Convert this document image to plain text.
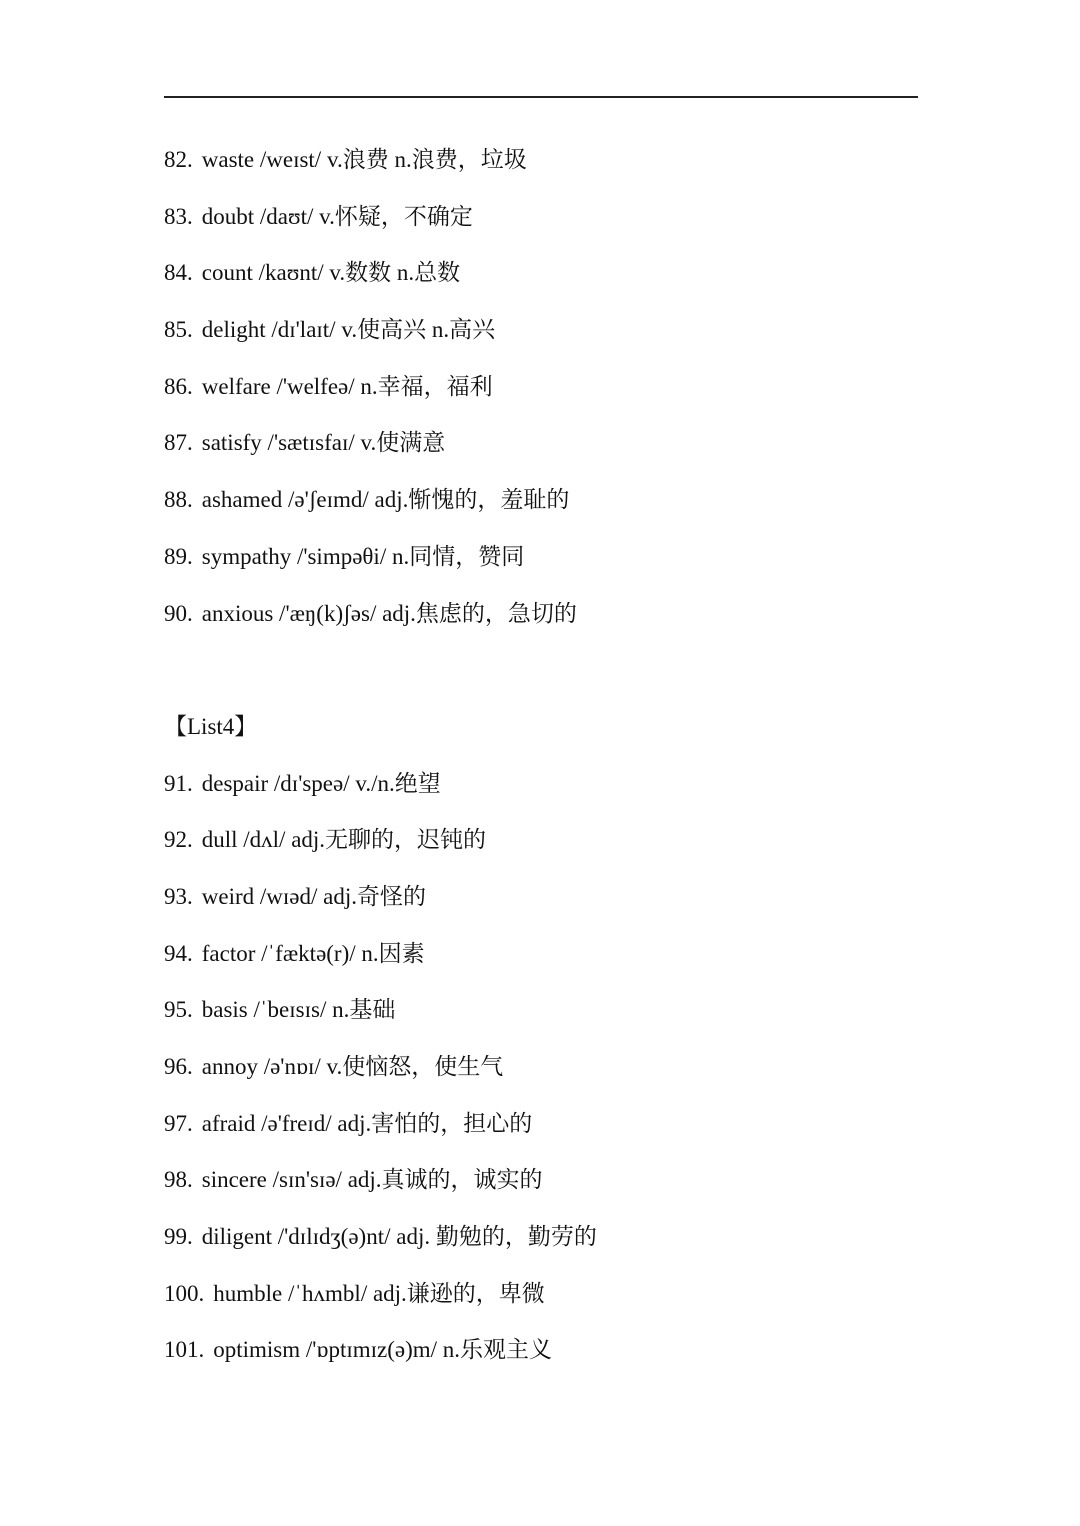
82. waste /weɪst/ v.浪费 n.浪费，垃圾
83. doubt /daʊt/ v.怀疑，不确定
84. count /kaʊnt/ v.数数 n.总数
85. delight /dɪ'laɪt/ v.使高兴 n.高兴
86. welfare /'welfeə/ n.幸福，福利
87. satisfy /'sætɪsfaɪ/ v.使满意
88. ashamed /ə'ʃeɪmd/ adj.惭愧的，羞耻的
89. sympathy /'simpəθi/ n.同情，赞同
90. anxious /'æŋ(k)ʃəs/ adj.焦虑的，急切的
【List4】
91. despair /dɪ'speə/ v./n.绝望
92. dull /dʌl/ adj.无聊的，迟钝的
93. weird /wɪəd/ adj.奇怪的
94. factor /ˈfæktə(r)/ n.因素
95. basis /ˈbeɪsɪs/ n.基础
96. annoy /ə'nɒɪ/ v.使恼怒，使生气
97. afraid /ə'freɪd/ adj.害怕的，担心的
98. sincere /sɪn'sɪə/ adj.真诚的，诚实的
99. diligent /'dɪlɪdʒ(ə)nt/ adj. 勤勉的，勤劳的
100. humble /ˈhʌmbl/ adj.谦逊的，卑微
101. optimism /'ɒptɪmɪz(ə)m/ n.乐观主义
